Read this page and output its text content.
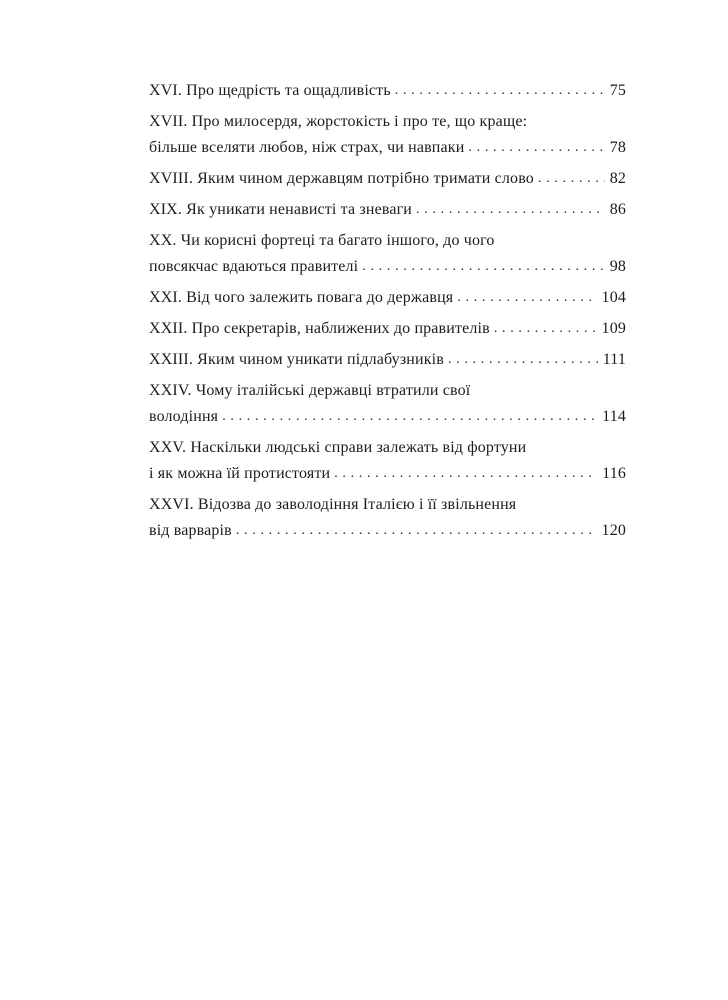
XVI. Про щедрість та ощадливість . . .	75
XVII. Про милосердя, жорстокість і про те, що краще:
більше вселяти любов, ніж страх, чи навпаки . . .	78
XVIII. Яким чином державцям потрібно тримати слово . . .	82
XIX. Як уникати ненависті та зневаги . . .	86
XX. Чи корисні фортеці та багато іншого, до чого
повсякчас вдаються правителі . . .	98
XXI. Від чого залежить повага до державця . . .	104
XXII. Про секретарів, наближених до правителів . . .	109
XXIII. Яким чином уникати підлабузників . . .	111
XXIV. Чому італійські державці втратили свої
володіння . . .	114
XXV. Наскільки людські справи залежать від фортуни
і як можна їй протистояти . . .	116
XXVI. Відозва до заволодіння Італією і її звільнення
від варварів . . .	120
